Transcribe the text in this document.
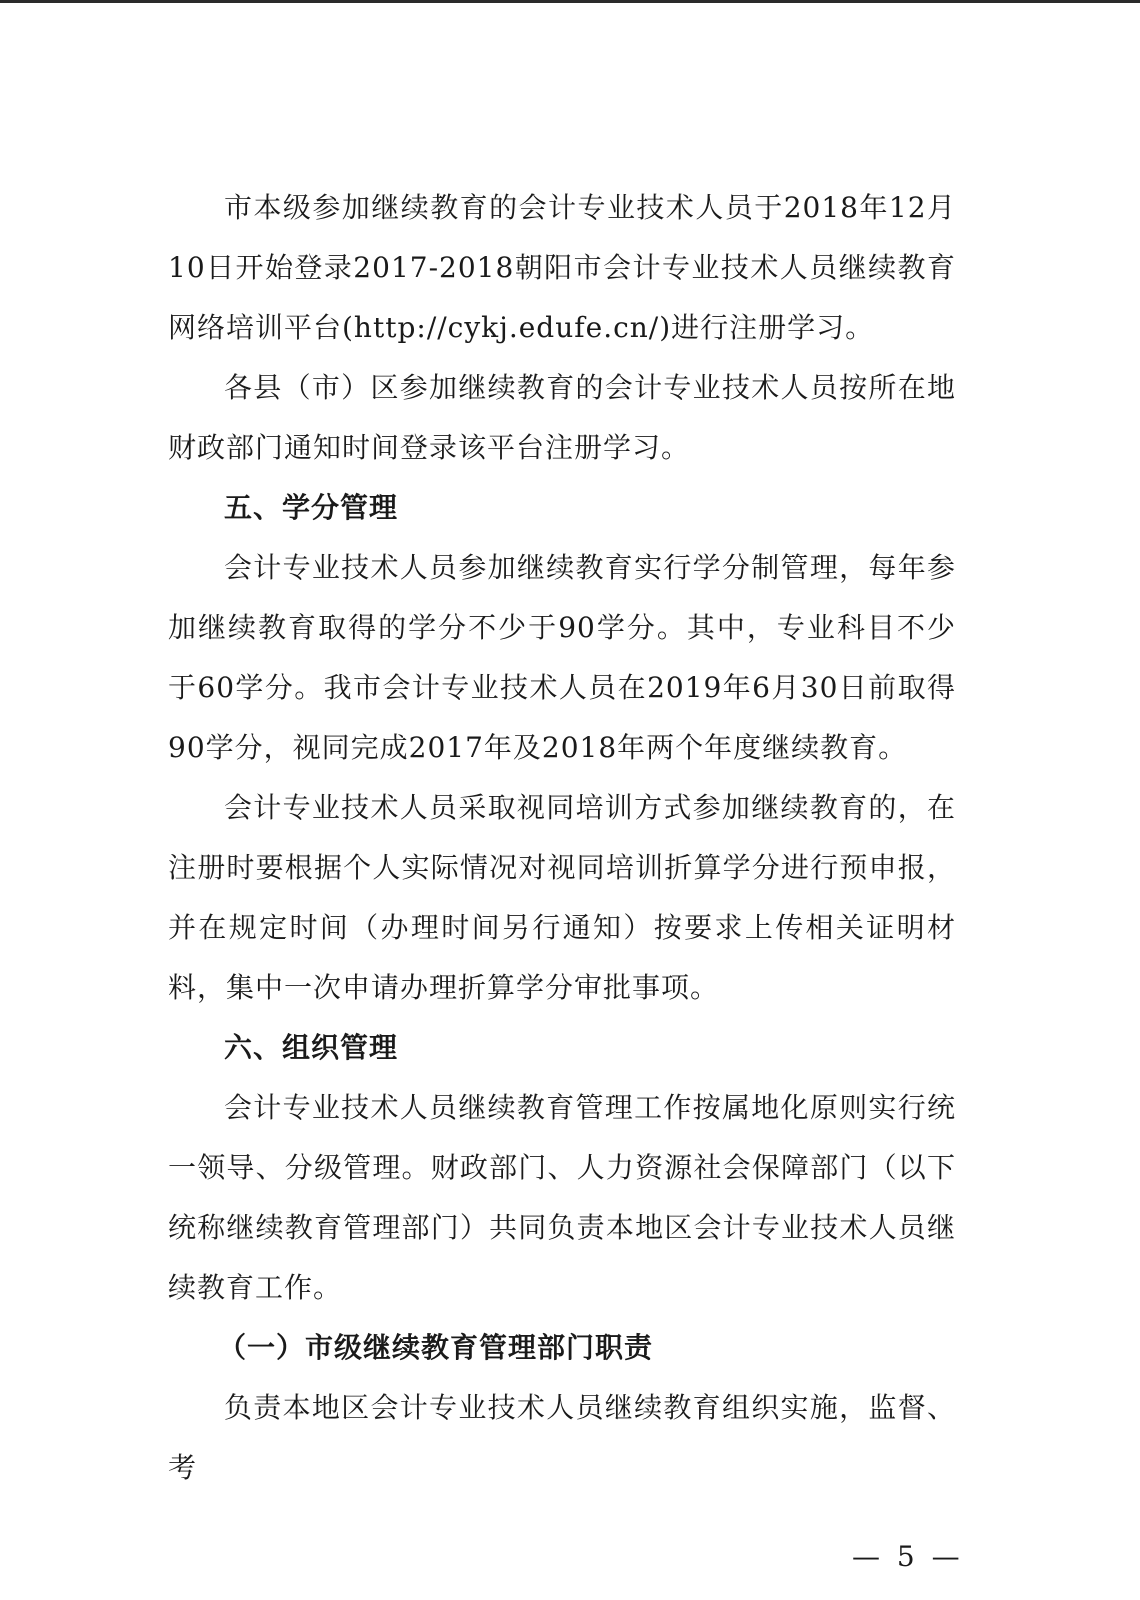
市本级参加继续教育的会计专业技术人员于2018年12月10日开始登录2017-2018朝阳市会计专业技术人员继续教育网络培训平台(http://cykj.edufe.cn/)进行注册学习。

各县（市）区参加继续教育的会计专业技术人员按所在地财政部门通知时间登录该平台注册学习。

五、学分管理

会计专业技术人员参加继续教育实行学分制管理，每年参加继续教育取得的学分不少于90学分。其中，专业科目不少于60学分。我市会计专业技术人员在2019年6月30日前取得90学分，视同完成2017年及2018年两个年度继续教育。

会计专业技术人员采取视同培训方式参加继续教育的，在注册时要根据个人实际情况对视同培训折算学分进行预申报，并在规定时间（办理时间另行通知）按要求上传相关证明材料，集中一次申请办理折算学分审批事项。

六、组织管理

会计专业技术人员继续教育管理工作按属地化原则实行统一领导、分级管理。财政部门、人力资源社会保障部门（以下统称继续教育管理部门）共同负责本地区会计专业技术人员继续教育工作。

（一）市级继续教育管理部门职责

负责本地区会计专业技术人员继续教育组织实施，监督、考

— 5 —
